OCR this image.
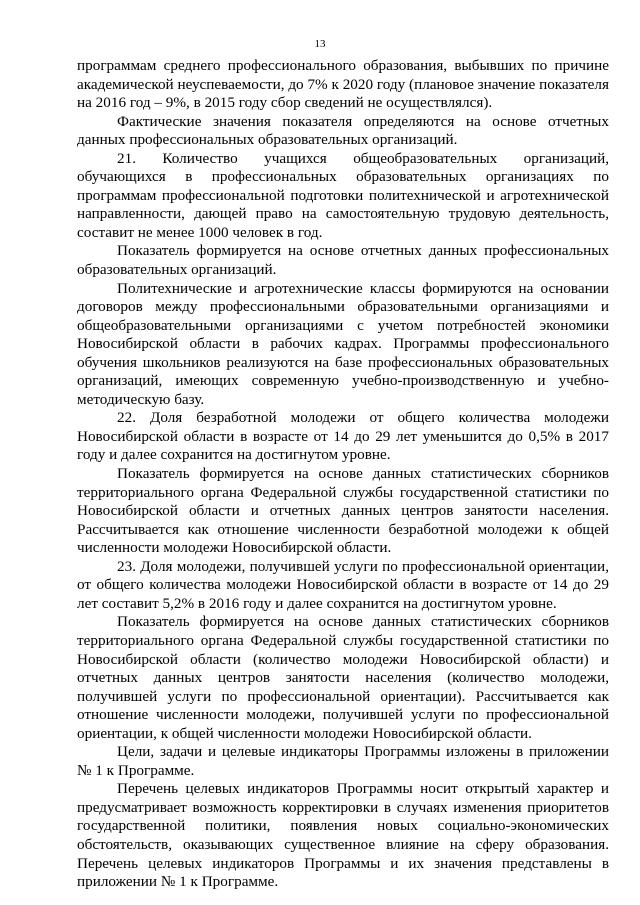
13

программам среднего профессионального образования, выбывших по причине академической неуспеваемости, до 7% к 2020 году (плановое значение показателя на 2016 год – 9%, в 2015 году сбор сведений не осуществлялся).

Фактические значения показателя определяются на основе отчетных данных профессиональных образовательных организаций.

21. Количество учащихся общеобразовательных организаций, обучающихся в профессиональных образовательных организациях по программам профессиональной подготовки политехнической и агротехнической направленности, дающей право на самостоятельную трудовую деятельность, составит не менее 1000 человек в год.

Показатель формируется на основе отчетных данных профессиональных образовательных организаций.

Политехнические и агротехнические классы формируются на основании договоров между профессиональными образовательными организациями и общеобразовательными организациями с учетом потребностей экономики Новосибирской области в рабочих кадрах. Программы профессионального обучения школьников реализуются на базе профессиональных образовательных организаций, имеющих современную учебно-производственную и учебно-методическую базу.

22. Доля безработной молодежи от общего количества молодежи Новосибирской области в возрасте от 14 до 29 лет уменьшится до 0,5% в 2017 году и далее сохранится на достигнутом уровне.

Показатель формируется на основе данных статистических сборников территориального органа Федеральной службы государственной статистики по Новосибирской области и отчетных данных центров занятости населения. Рассчитывается как отношение численности безработной молодежи к общей численности молодежи Новосибирской области.

23. Доля молодежи, получившей услуги по профессиональной ориентации, от общего количества молодежи Новосибирской области в возрасте от 14 до 29 лет составит 5,2% в 2016 году и далее сохранится на достигнутом уровне.

Показатель формируется на основе данных статистических сборников территориального органа Федеральной службы государственной статистики по Новосибирской области (количество молодежи Новосибирской области) и отчетных данных центров занятости населения (количество молодежи, получившей услуги по профессиональной ориентации). Рассчитывается как отношение численности молодежи, получившей услуги по профессиональной ориентации, к общей численности молодежи Новосибирской области.

Цели, задачи и целевые индикаторы Программы изложены в приложении № 1 к Программе.

Перечень целевых индикаторов Программы носит открытый характер и предусматривает возможность корректировки в случаях изменения приоритетов государственной политики, появления новых социально-экономических обстоятельств, оказывающих существенное влияние на сферу образования. Перечень целевых индикаторов Программы и их значения представлены в приложении № 1 к Программе.
